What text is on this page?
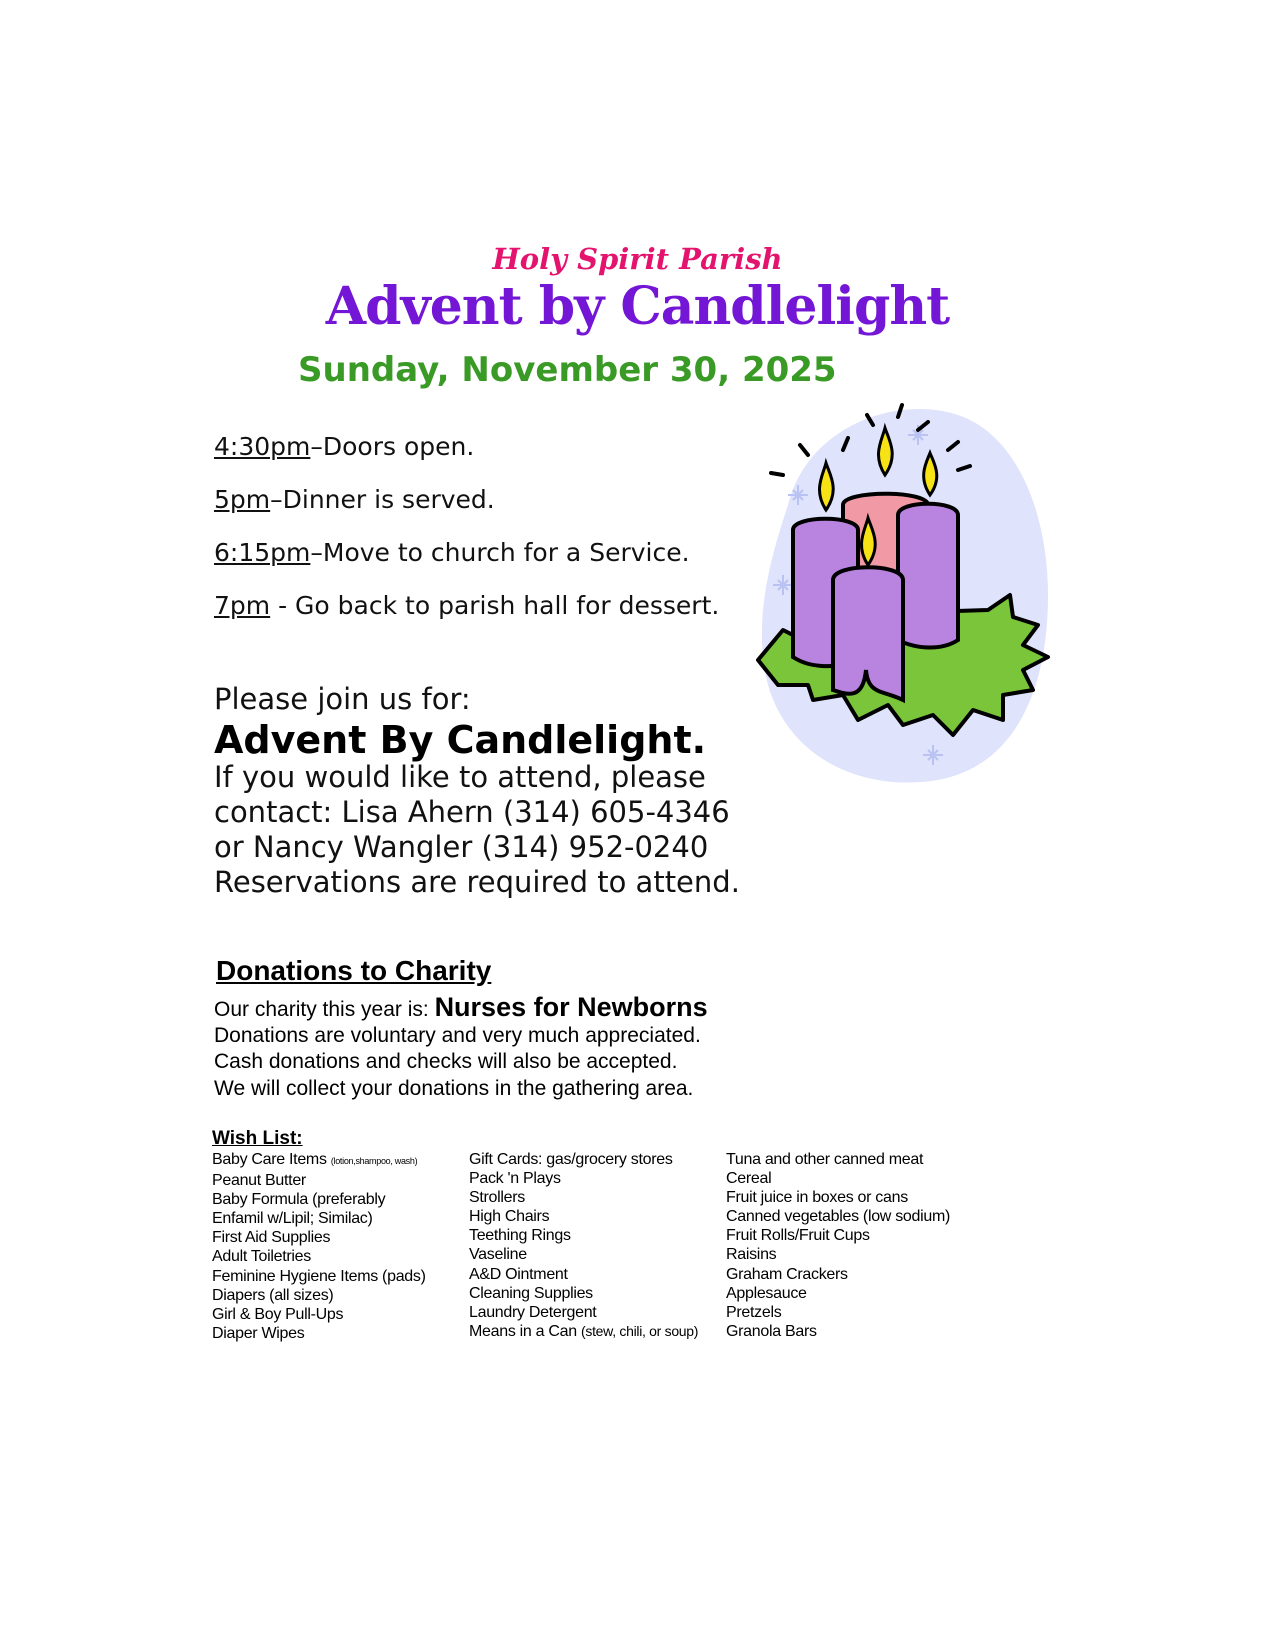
Holy Spirit Parish
Advent by Candlelight
Sunday, November 30, 2025
4:30pm–Doors open.
5pm–Dinner is served.
6:15pm–Move to church for a Service.
7pm - Go back to parish hall for dessert.
Please join us for:
Advent By Candlelight.
If you would like to attend, please
contact: Lisa Ahern (314) 605-4346
or Nancy Wangler (314) 952-0240
Reservations are required to attend.
Donations to Charity
Our charity this year is: Nurses for Newborns
Donations are voluntary and very much appreciated.
Cash donations and checks will also be accepted.
We will collect your donations in the gathering area.
Wish List:
Baby Care Items (lotion,shampoo, wash)
Peanut Butter
Baby Formula (preferably
Enfamil w/Lipil; Similac)
First Aid Supplies
Adult Toiletries
Feminine Hygiene Items (pads)
Diapers (all sizes)
Girl & Boy Pull-Ups
Diaper Wipes
Gift Cards: gas/grocery stores
Pack 'n Plays
Strollers
High Chairs
Teething Rings
Vaseline
A&D Ointment
Cleaning Supplies
Laundry Detergent
Means in a Can (stew, chili, or soup)
Tuna and other canned meat
Cereal
Fruit juice in boxes or cans
Canned vegetables (low sodium)
Fruit Rolls/Fruit Cups
Raisins
Graham Crackers
Applesauce
Pretzels
Granola Bars
